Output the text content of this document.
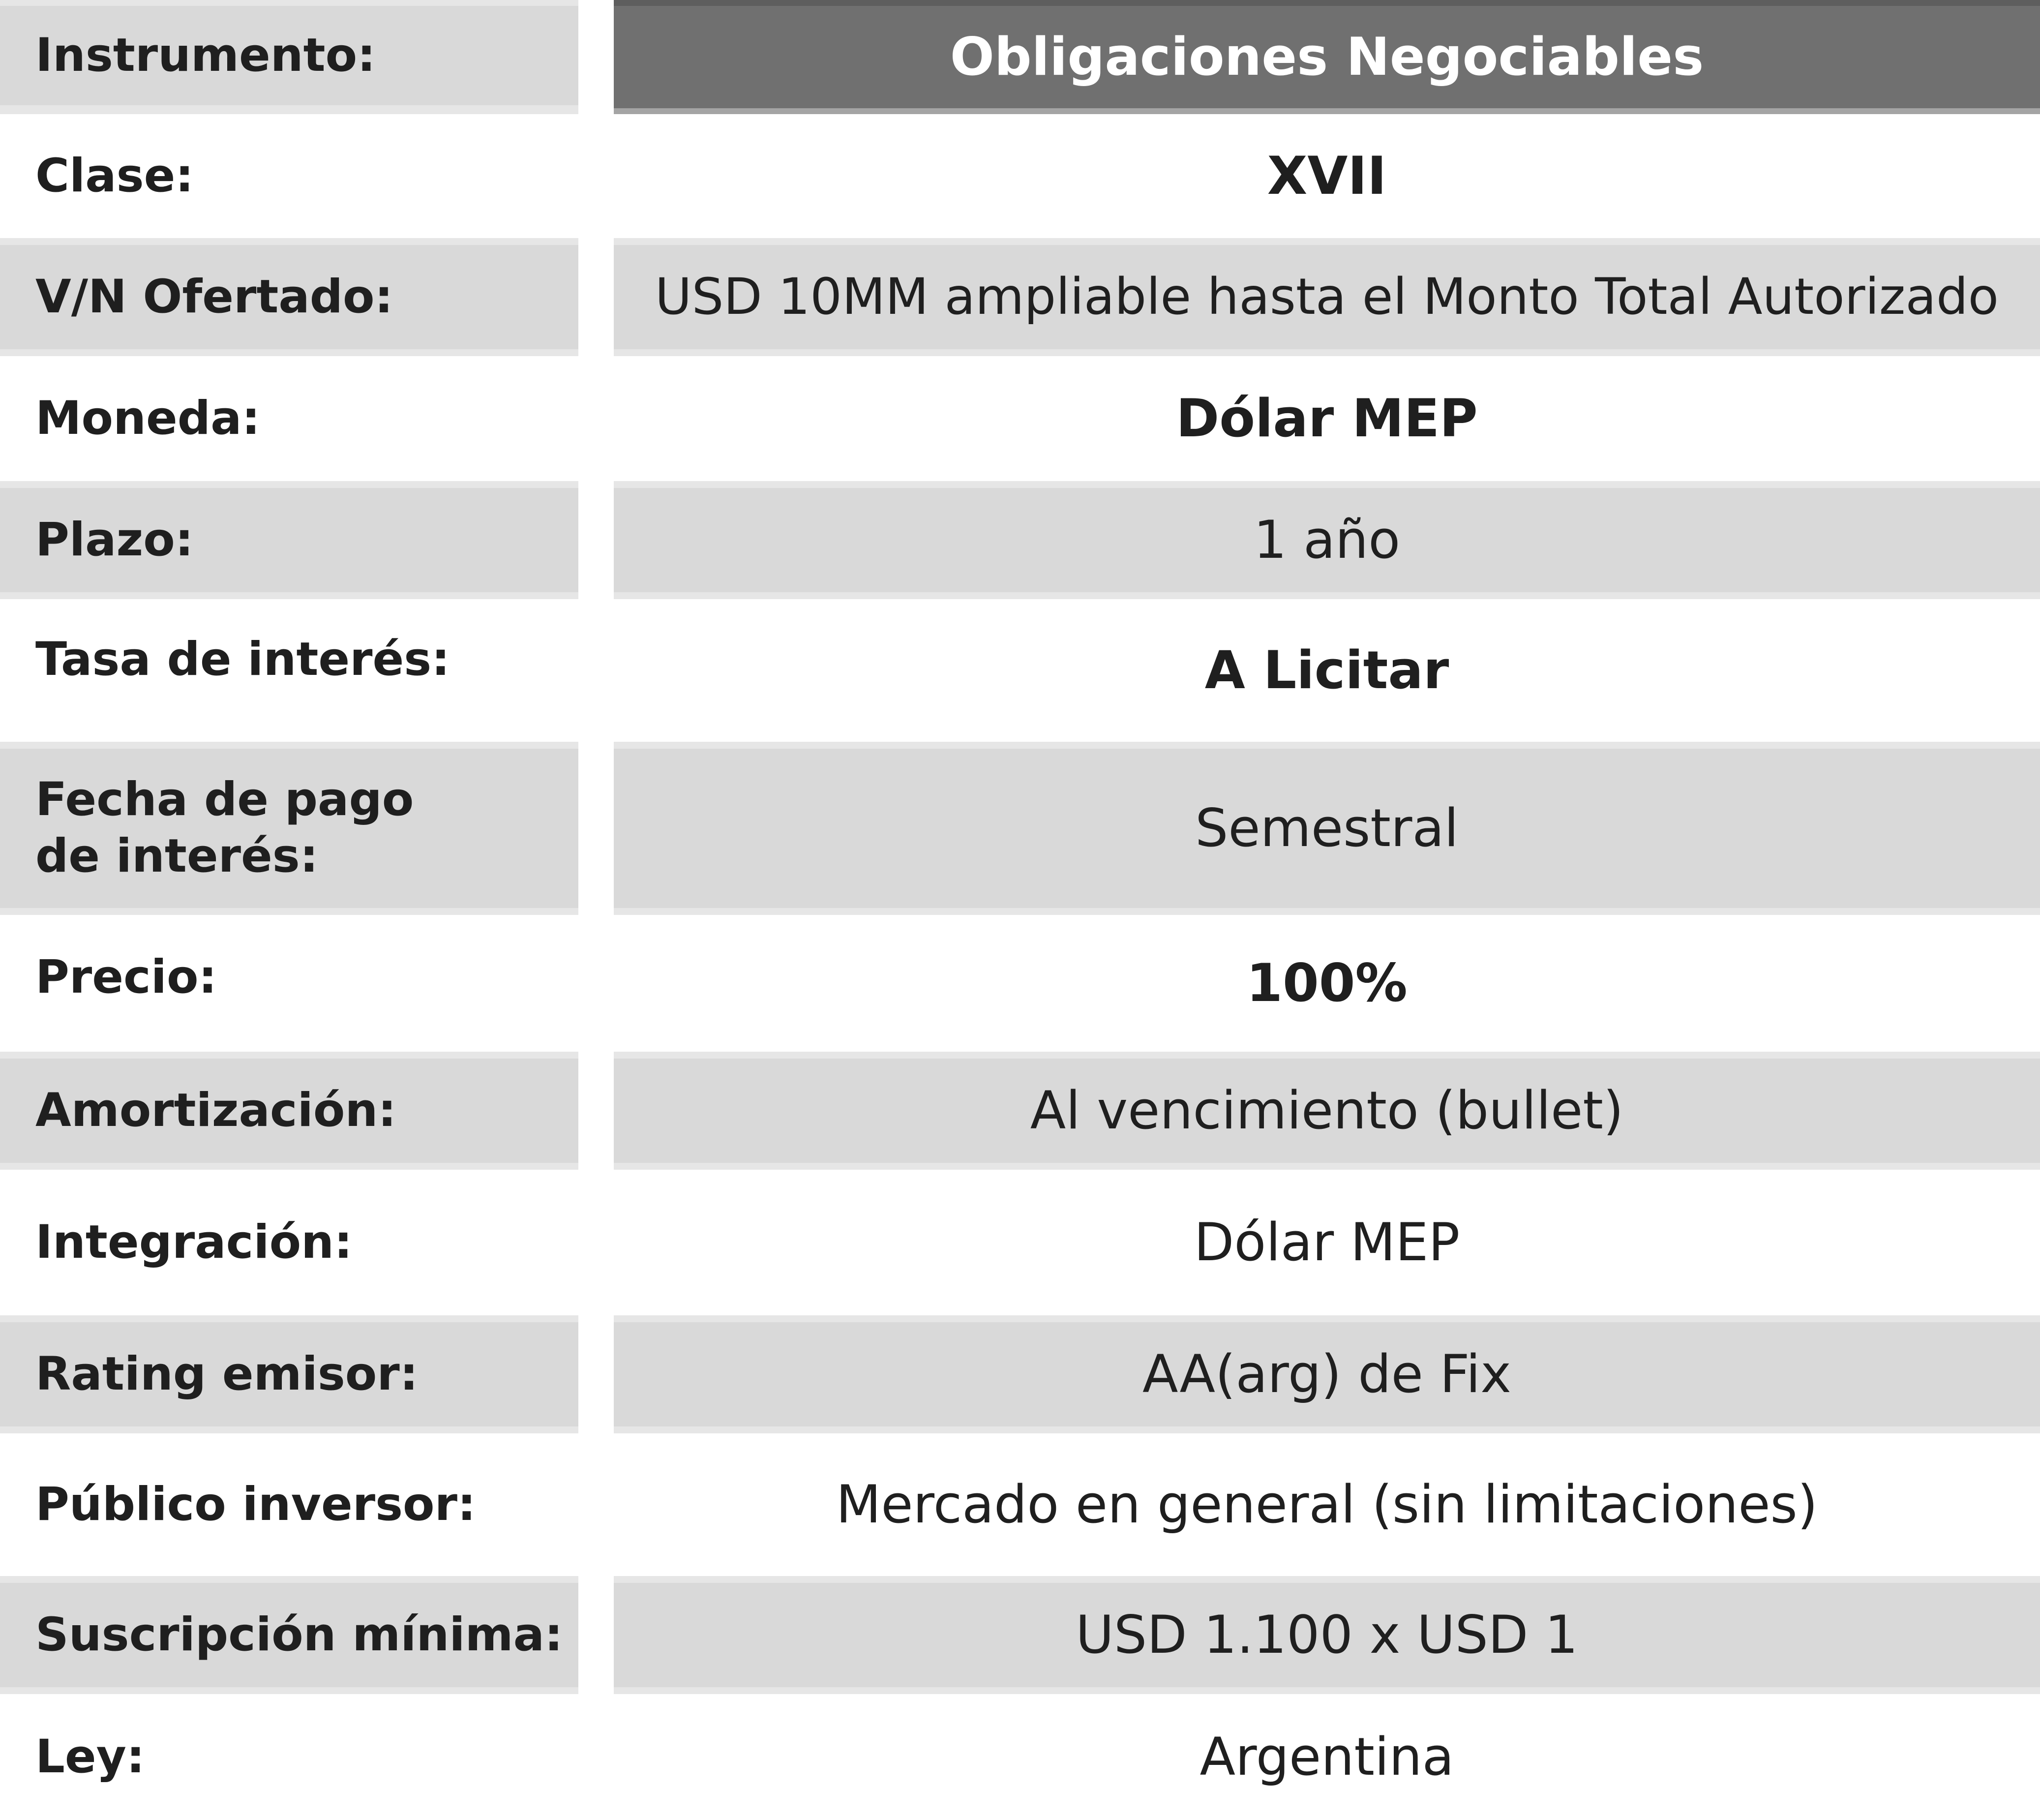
Instrumento:	Obligaciones Negociables
Clase:	XVII
V/N Ofertado:	USD 10MM ampliable hasta el Monto Total Autorizado
Moneda:	Dólar MEP
Plazo:	1 año
Tasa de interés:	A Licitar
Fecha de pago
de interés:	Semestral
Precio:	100%
Amortización:	Al vencimiento (bullet)
Integración:	Dólar MEP
Rating emisor:	AA(arg) de Fix
Público inversor:	Mercado en general (sin limitaciones)
Suscripción mínima:	USD 1.100 x USD 1
Ley:	Argentina
